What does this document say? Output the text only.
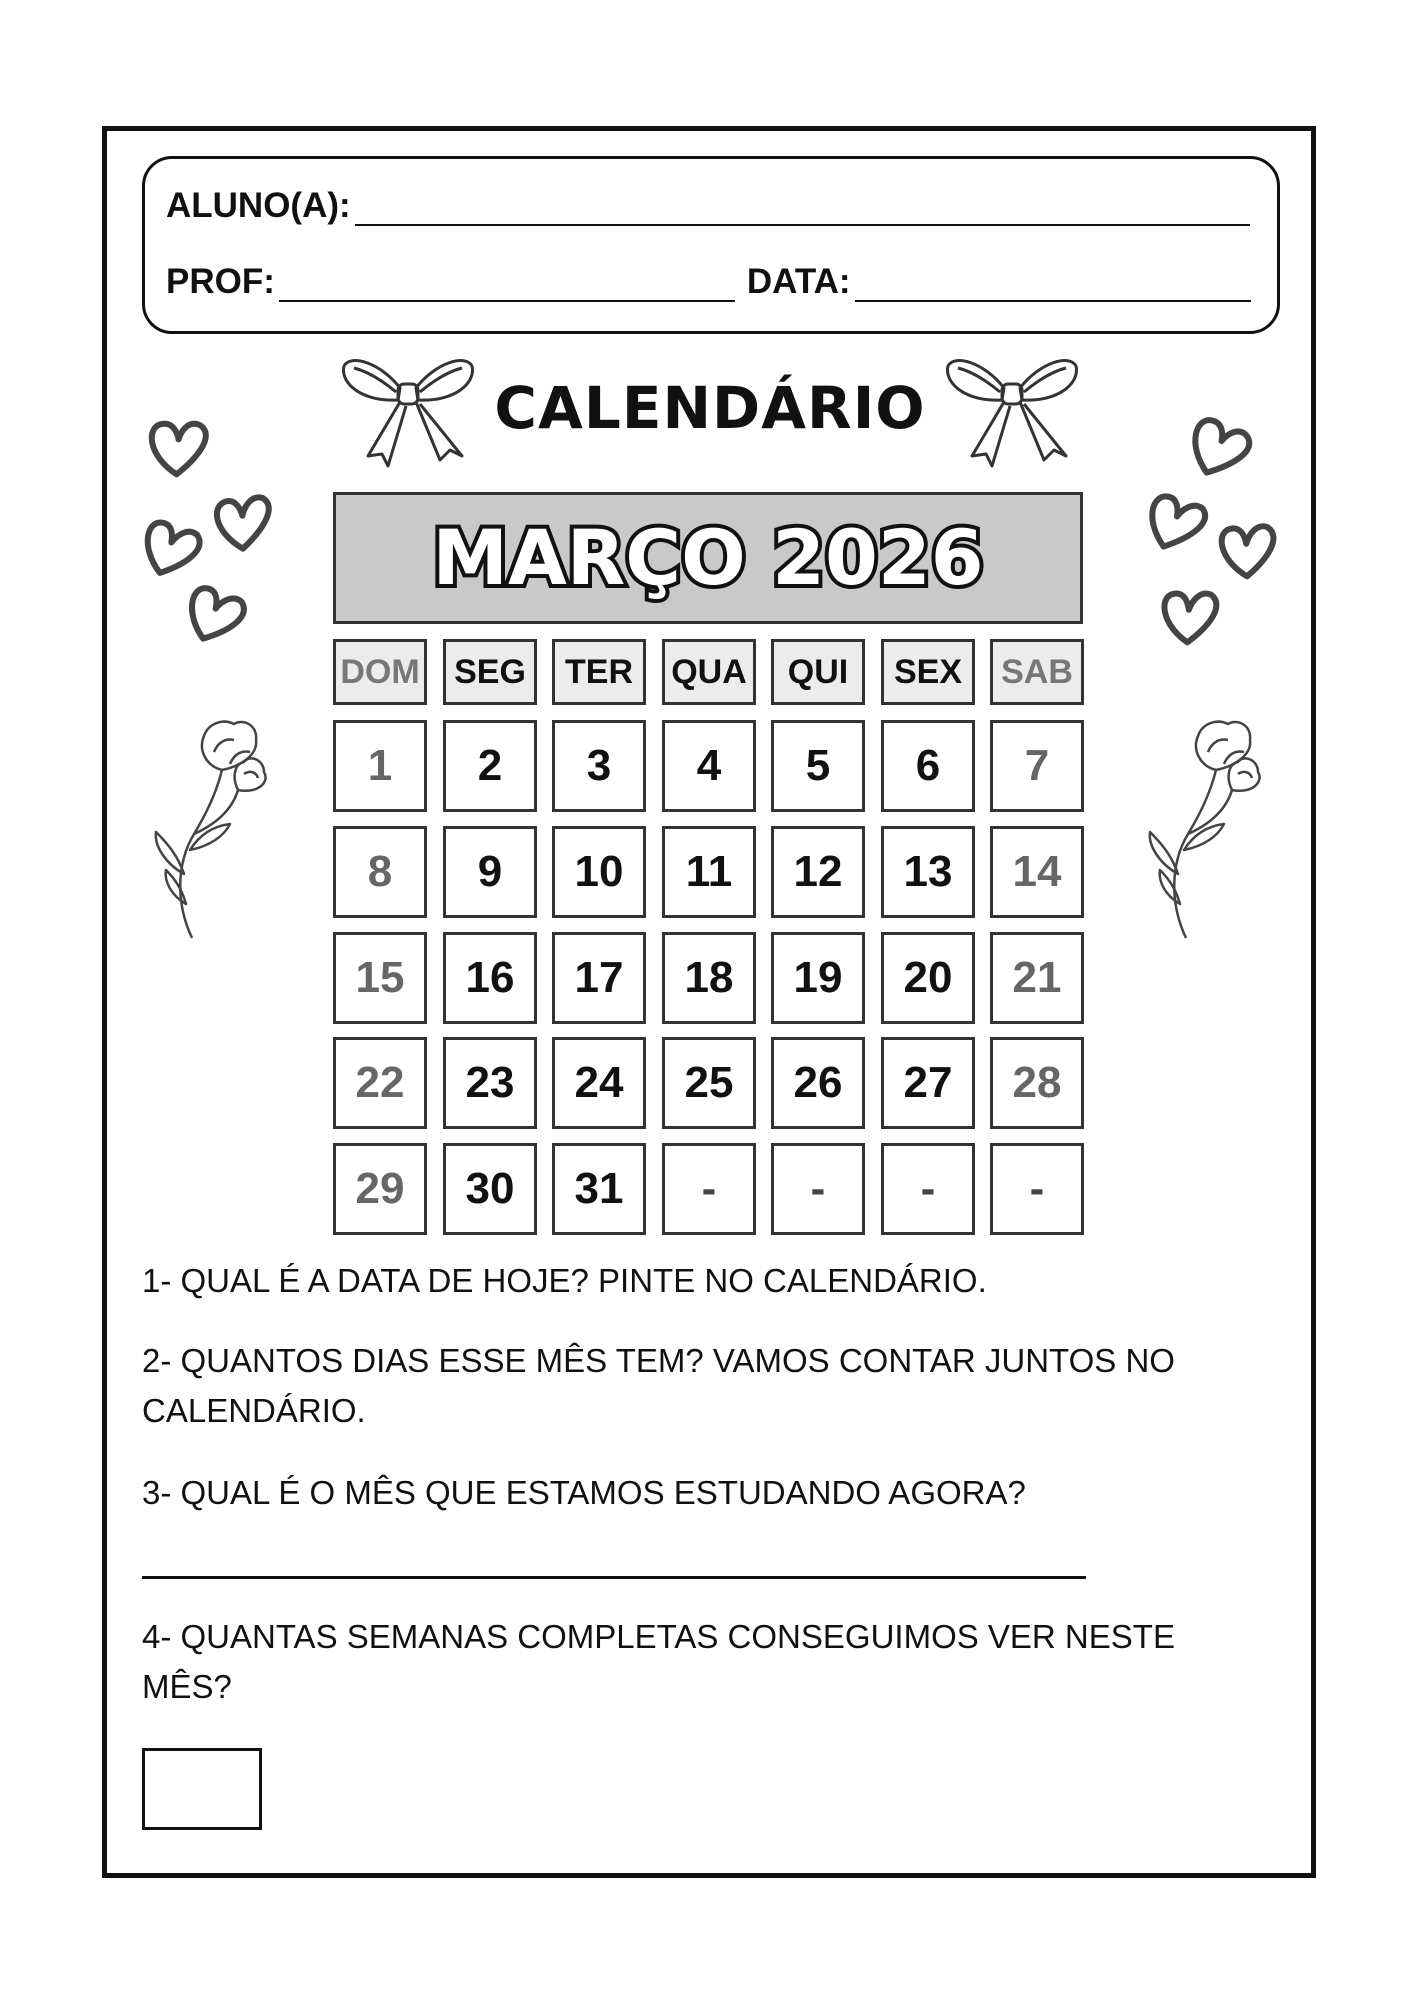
ALUNO(A):
PROF:	DATA:
CALENDÁRIO
MARÇO 2026
DOM	SEG	TER	QUA	QUI	SEX	SAB
1	2	3	4	5	6	7
8	9	10	11	12	13	14
15	16	17	18	19	20	21
22	23	24	25	26	27	28
29	30	31	-	-	-	-
1- QUAL É A DATA DE HOJE? PINTE NO CALENDÁRIO.
2- QUANTOS DIAS ESSE MÊS TEM? VAMOS CONTAR JUNTOS NO CALENDÁRIO.
3- QUAL É O MÊS QUE ESTAMOS ESTUDANDO AGORA?
4- QUANTAS SEMANAS COMPLETAS CONSEGUIMOS VER NESTE MÊS?
